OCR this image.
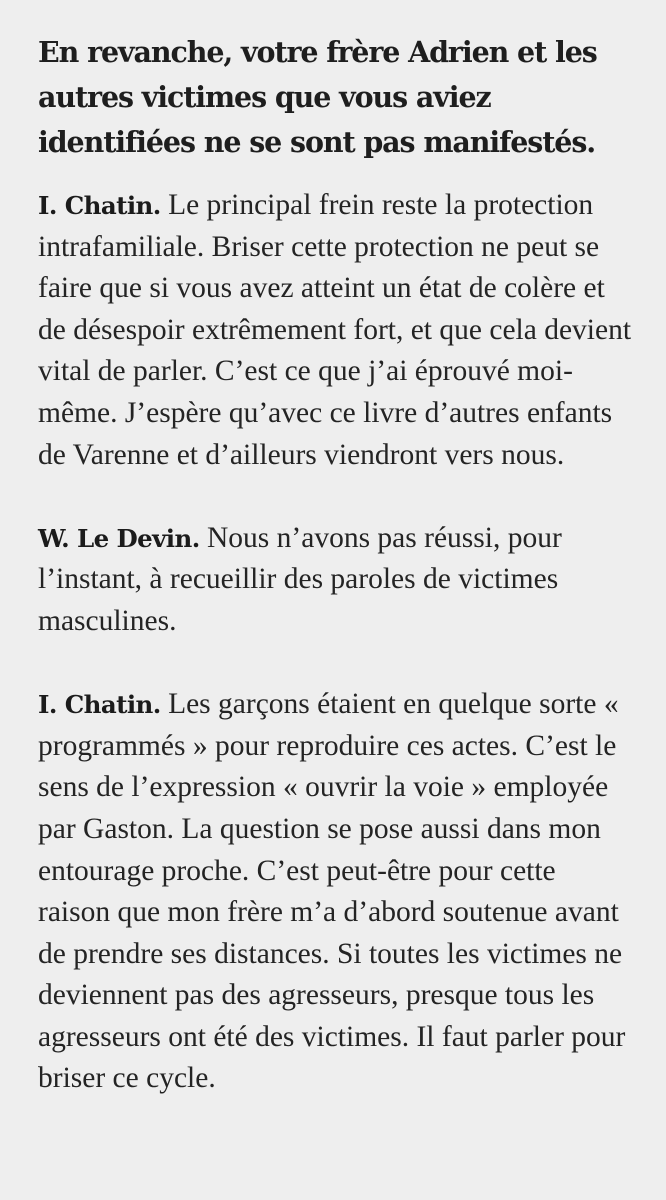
En revanche, votre frère Adrien et les autres victimes que vous aviez identifiées ne se sont pas manifestés.

I. Chatin. Le principal frein reste la protection intrafamiliale. Briser cette protection ne peut se faire que si vous avez atteint un état de colère et de désespoir extrêmement fort, et que cela devient vital de parler. C’est ce que j’ai éprouvé moi-même. J’espère qu’avec ce livre d’autres enfants de Varenne et d’ailleurs viendront vers nous.

W. Le Devin. Nous n’avons pas réussi, pour l’instant, à recueillir des paroles de victimes masculines.

I. Chatin. Les garçons étaient en quelque sorte « programmés » pour reproduire ces actes. C’est le sens de l’expression « ouvrir la voie » employée par Gaston. La question se pose aussi dans mon entourage proche. C’est peut-être pour cette raison que mon frère m’a d’abord soutenue avant de prendre ses distances. Si toutes les victimes ne deviennent pas des agresseurs, presque tous les agresseurs ont été des victimes. Il faut parler pour briser ce cycle.
